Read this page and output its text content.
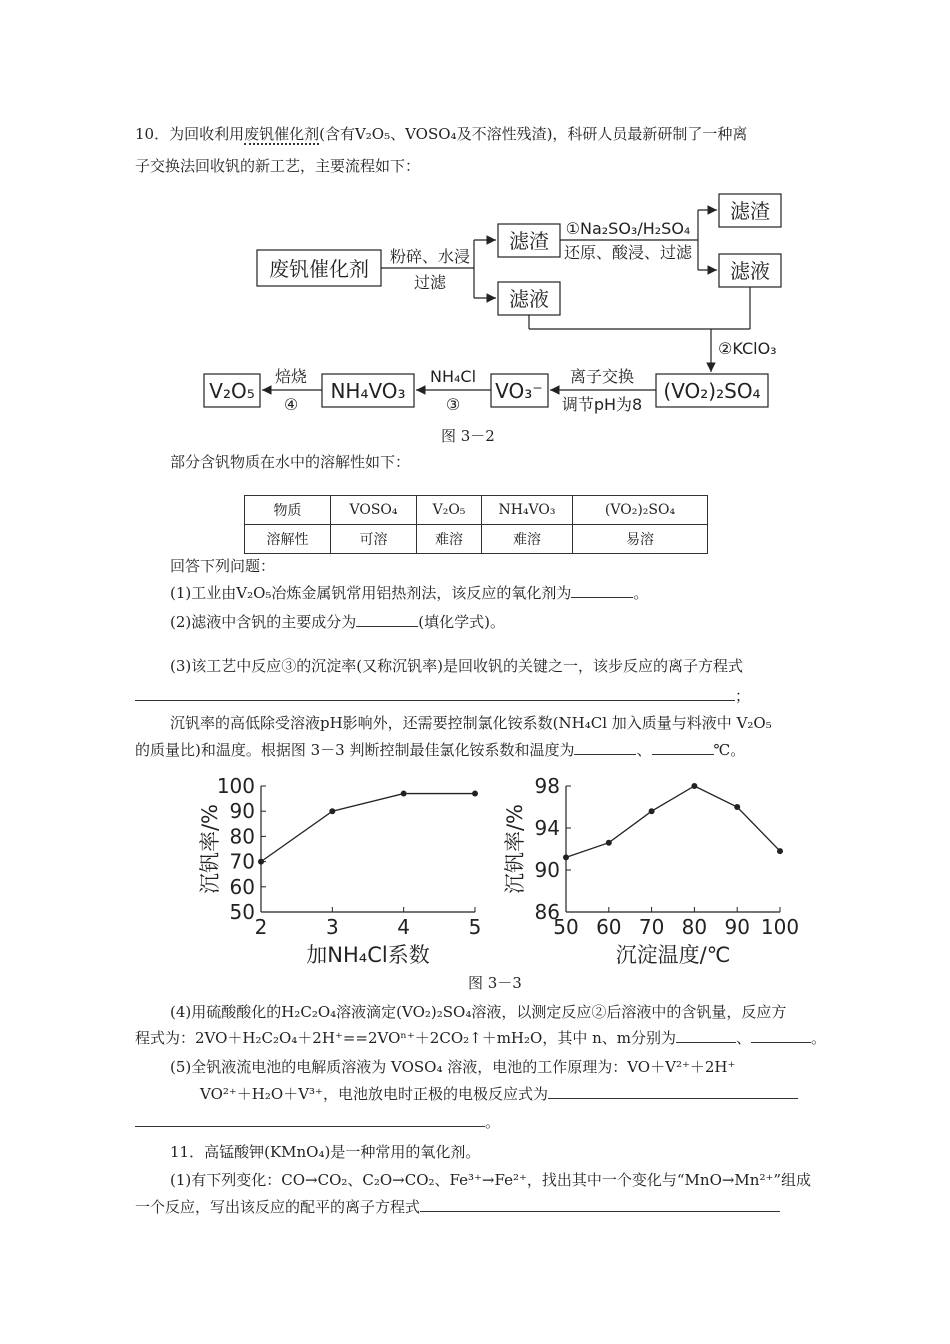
10．为回收利用废钒催化剂(含有V₂O₅、VOSO₄及不溶性残渣)，科研人员最新研制了一种离
子交换法回收钒的新工艺，主要流程如下：
废钒催化剂
滤渣
滤液
滤渣
滤液
(VO₂)₂SO₄
VO₃⁻
NH₄VO₃
V₂O₅
粉碎、水浸
过滤
①Na₂SO₃/H₂SO₄
还原、酸浸、过滤
②KClO₃
离子交换
调节pH为8
NH₄Cl
③
焙烧
④
图 3－2
部分含钒物质在水中的溶解性如下：
物质	VOSO₄	V₂O₅	NH₄VO₃	(VO₂)₂SO₄
溶解性	可溶	难溶	难溶	易溶
回答下列问题：
(1)工业由V₂O₅冶炼金属钒常用铝热剂法，该反应的氧化剂为	。
(2)滤液中含钒的主要成分为	(填化学式)。
(3)该工艺中反应③的沉淀率(又称沉钒率)是回收钒的关键之一，该步反应的离子方程式
；
沉钒率的高低除受溶液pH影响外，还需要控制氯化铵系数(NH₄Cl 加入质量与料液中 V₂O₅
的质量比)和温度。根据图 3－3 判断控制最佳氯化铵系数和温度为	、	℃。
50
60
70
80
90
100
2	3	4	5
加NH₄Cl系数
沉钒率/%
86
90
94
98
50 60 70 80 90 100
沉淀温度/℃
沉钒率/%
图 3－3
(4)用硫酸酸化的H₂C₂O₄溶液滴定(VO₂)₂SO₄溶液，以测定反应②后溶液中的含钒量，反应方
程式为：2VO＋H₂C₂O₄＋2H⁺==2VOⁿ⁺＋2CO₂↑＋mH₂O，其中 n、m分别为	、	。
(5)全钒液流电池的电解质溶液为 VOSO₄ 溶液，电池的工作原理为：VO＋V²⁺＋2H⁺
VO²⁺＋H₂O＋V³⁺，电池放电时正极的电极反应式为
。
11．高锰酸钾(KMnO₄)是一种常用的氧化剂。
(1)有下列变化：CO→CO₂、C₂O→CO₂、Fe³⁺→Fe²⁺，找出其中一个变化与“MnO→Mn²⁺”组成
一个反应，写出该反应的配平的离子方程式
